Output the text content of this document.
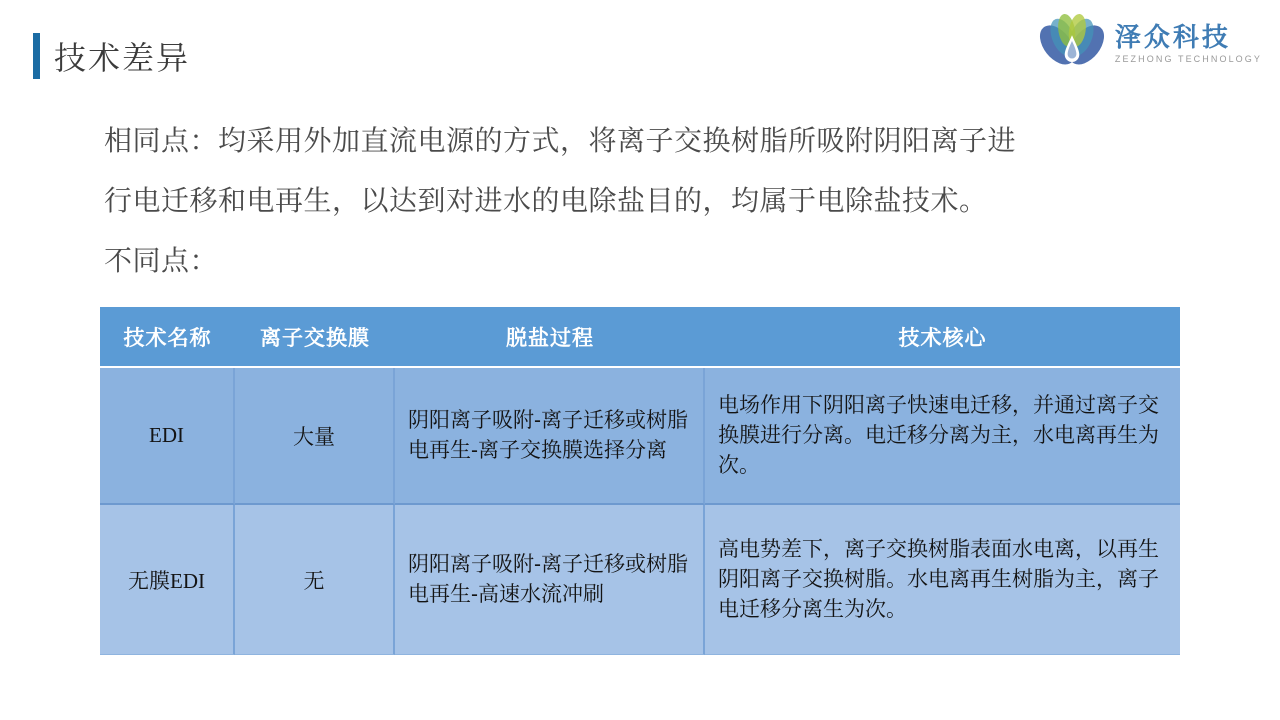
技术差异
泽众科技
ZEZHONG TECHNOLOGY
相同点：均采用外加直流电源的方式，将离子交换树脂所吸附阴阳离子进
行电迁移和电再生，以达到对进水的电除盐目的，均属于电除盐技术。
不同点：
技术名称	离子交换膜	脱盐过程	技术核心
EDI	大量	阴阳离子吸附-离子迁移或树脂电再生-离子交换膜选择分离	电场作用下阴阳离子快速电迁移，并通过离子交换膜进行分离。电迁移分离为主，水电离再生为次。
无膜EDI	无	阴阳离子吸附-离子迁移或树脂电再生-高速水流冲刷	高电势差下，离子交换树脂表面水电离，以再生阴阳离子交换树脂。水电离再生树脂为主，离子电迁移分离生为次。
